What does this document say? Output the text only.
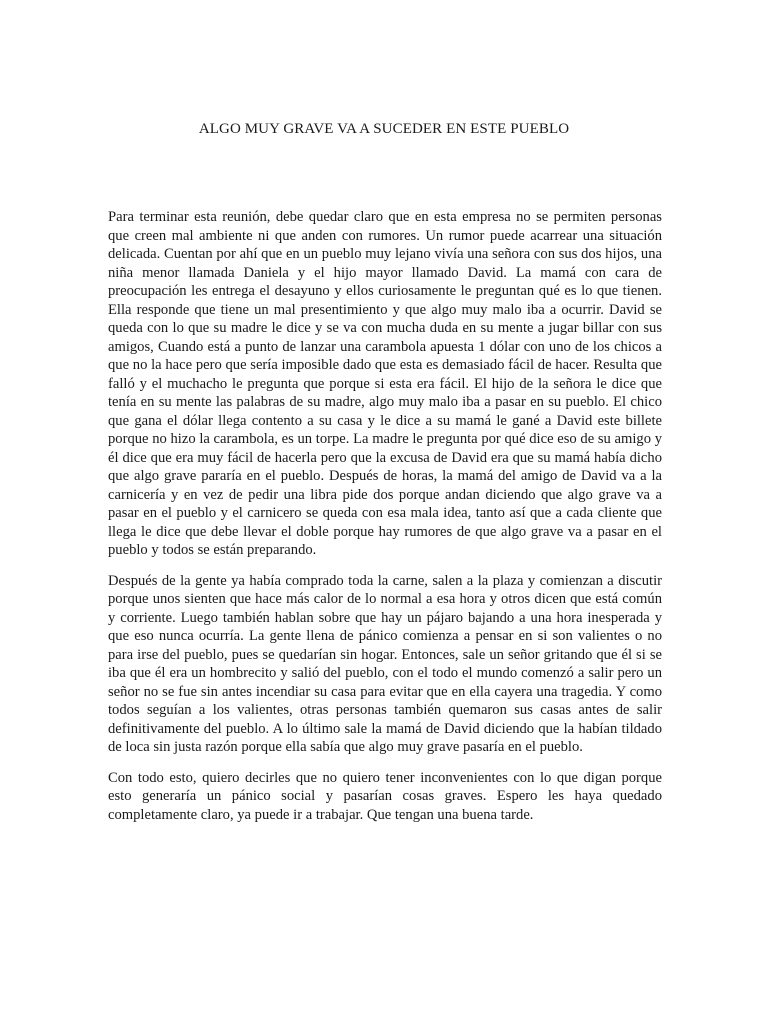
ALGO MUY GRAVE VA A SUCEDER EN ESTE PUEBLO

Para terminar esta reunión, debe quedar claro que en esta empresa no se permiten personas que creen mal ambiente ni que anden con rumores. Un rumor puede acarrear una situación delicada. Cuentan por ahí que en un pueblo muy lejano vivía una señora con sus dos hijos, una niña menor llamada Daniela y el hijo mayor llamado David. La mamá con cara de preocupación les entrega el desayuno y ellos curiosamente le preguntan qué es lo que tienen. Ella responde que tiene un mal presentimiento y que algo muy malo iba a ocurrir. David se queda con lo que su madre le dice y se va con mucha duda en su mente a jugar billar con sus amigos, Cuando está a punto de lanzar una carambola apuesta 1 dólar con uno de los chicos a que no la hace pero que sería imposible dado que esta es demasiado fácil de hacer. Resulta que falló y el muchacho le pregunta que porque si esta era fácil. El hijo de la señora le dice que tenía en su mente las palabras de su madre, algo muy malo iba a pasar en su pueblo. El chico que gana el dólar llega contento a su casa y le dice a su mamá le gané a David este billete porque no hizo la carambola, es un torpe. La madre le pregunta por qué dice eso de su amigo y él dice que era muy fácil de hacerla pero que la excusa de David era que su mamá había dicho que algo grave pararía en el pueblo. Después de horas, la mamá del amigo de David va a la carnicería y en vez de pedir una libra pide dos porque andan diciendo que algo grave va a pasar en el pueblo y el carnicero se queda con esa mala idea, tanto así que a cada cliente que llega le dice que debe llevar el doble porque hay rumores de que algo grave va a pasar en el pueblo y todos se están preparando.

Después de la gente ya había comprado toda la carne, salen a la plaza y comienzan a discutir porque unos sienten que hace más calor de lo normal a esa hora y otros dicen que está común y corriente. Luego también hablan sobre que hay un pájaro bajando a una hora inesperada y que eso nunca ocurría. La gente llena de pánico comienza a pensar en si son valientes o no para irse del pueblo, pues se quedarían sin hogar. Entonces, sale un señor gritando que él si se iba que él era un hombrecito y salió del pueblo, con el todo el mundo comenzó a salir pero un señor no se fue sin antes incendiar su casa para evitar que en ella cayera una tragedia. Y como todos seguían a los valientes, otras personas también quemaron sus casas antes de salir definitivamente del pueblo. A lo último sale la mamá de David diciendo que la habían tildado de loca sin justa razón porque ella sabía que algo muy grave pasaría en el pueblo.

Con todo esto, quiero decirles que no quiero tener inconvenientes con lo que digan porque esto generaría un pánico social y pasarían cosas graves. Espero les haya quedado completamente claro, ya puede ir a trabajar. Que tengan una buena tarde.
